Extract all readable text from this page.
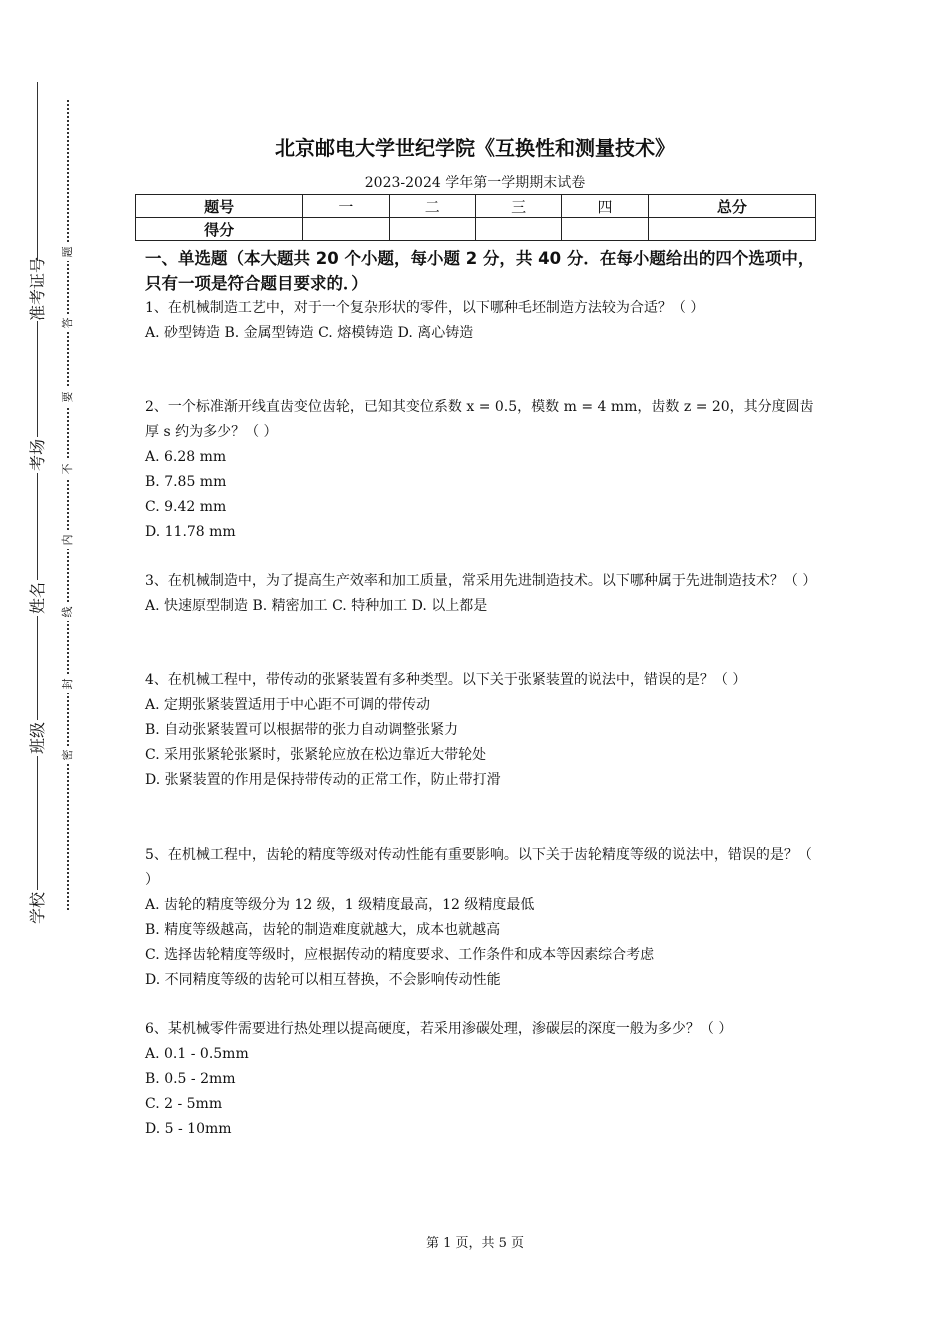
准考证号
考场
姓名
班级
学校
题
答
要
不
内
线
封
密
北京邮电大学世纪学院《互换性和测量技术》
2023-2024 学年第一学期期末试卷
题号	一	二	三	四	总分
得分					
一、单选题（本大题共 20 个小题，每小题 2 分，共 40 分．在每小题给出的四个选项中，只有一项是符合题目要求的．）

1、在机械制造工艺中，对于一个复杂形状的零件，以下哪种毛坯制造方法较为合适？（ ）

A. 砂型铸造 B. 金属型铸造 C. 熔模铸造 D. 离心铸造

2、一个标准渐开线直齿变位齿轮，已知其变位系数 x = 0.5，模数 m = 4 mm，齿数 z = 20，其分度圆齿厚 s 约为多少？（ ）

A. 6.28 mm

B. 7.85 mm

C. 9.42 mm

D. 11.78 mm

3、在机械制造中，为了提高生产效率和加工质量，常采用先进制造技术。以下哪种属于先进制造技术？（ ）

A. 快速原型制造 B. 精密加工 C. 特种加工 D. 以上都是

4、在机械工程中，带传动的张紧装置有多种类型。以下关于张紧装置的说法中，错误的是？（ ）

A. 定期张紧装置适用于中心距不可调的带传动

B. 自动张紧装置可以根据带的张力自动调整张紧力

C. 采用张紧轮张紧时，张紧轮应放在松边靠近大带轮处

D. 张紧装置的作用是保持带传动的正常工作，防止带打滑

5、在机械工程中，齿轮的精度等级对传动性能有重要影响。以下关于齿轮精度等级的说法中，错误的是？（ ）

A. 齿轮的精度等级分为 12 级，1 级精度最高，12 级精度最低

B. 精度等级越高，齿轮的制造难度就越大，成本也就越高

C. 选择齿轮精度等级时，应根据传动的精度要求、工作条件和成本等因素综合考虑

D. 不同精度等级的齿轮可以相互替换，不会影响传动性能

6、某机械零件需要进行热处理以提高硬度，若采用渗碳处理，渗碳层的深度一般为多少？（ ）

A. 0.1 - 0.5mm

B. 0.5 - 2mm

C. 2 - 5mm

D. 5 - 10mm

第 1 页，共 5 页
